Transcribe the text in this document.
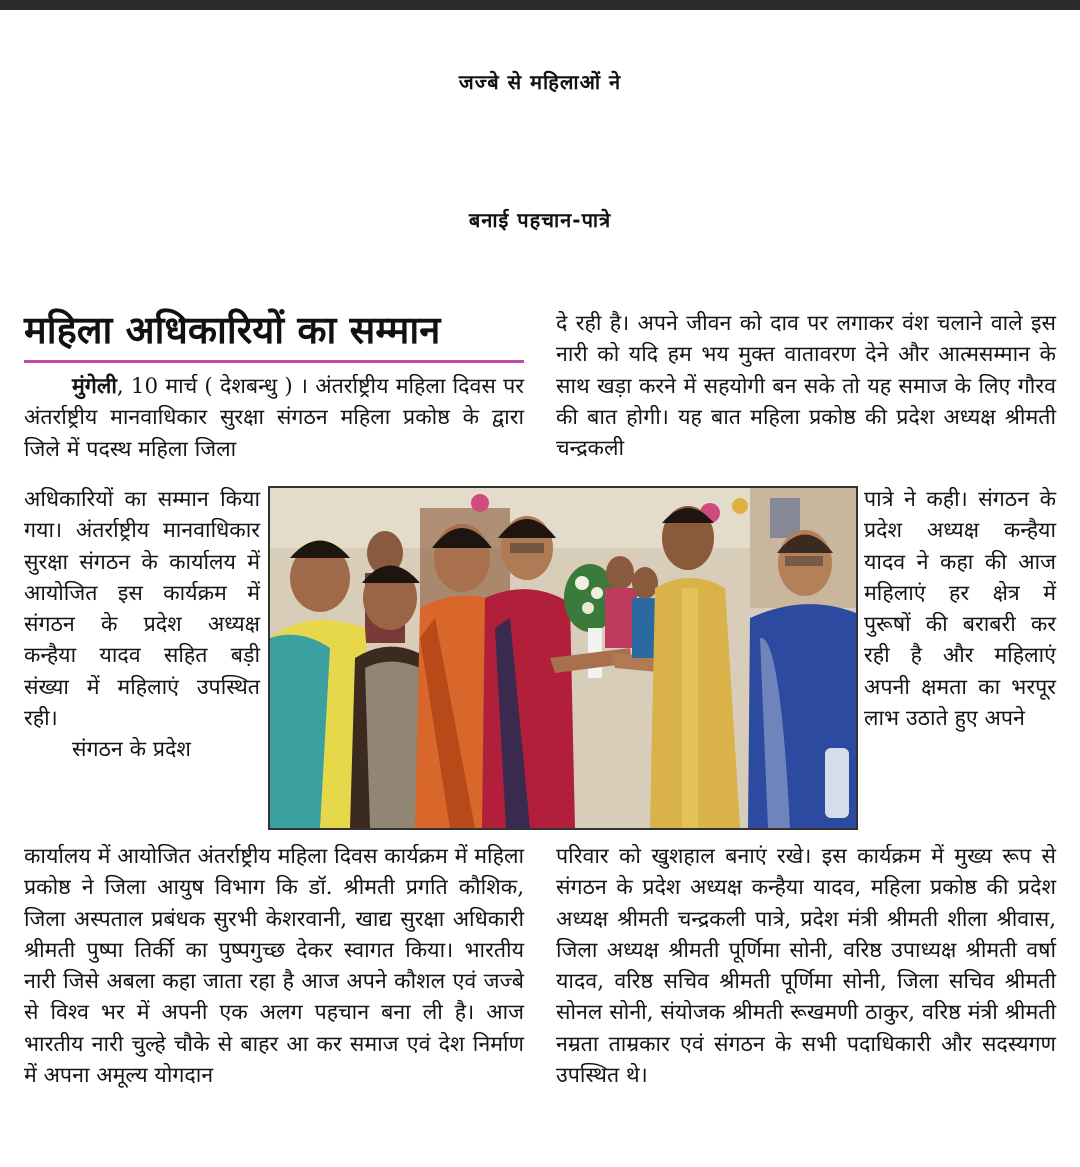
जज्बे से महिलाओं ने
बनाई पहचान-पात्रे
महिला अधिकारियों का सम्मान

मुंगेली, 10 मार्च ( देशबन्धु ) । अंतर्राष्ट्रीय महिला दिवस पर अंतर्राष्ट्रीय मानवाधिकार सुरक्षा संगठन महिला प्रकोष्ठ के द्वारा जिले में पदस्थ महिला जिला

अधिकारियों का सम्मान किया गया। अंतर्राष्ट्रीय मानवाधिकार सुरक्षा संगठन के कार्यालय में आयोजित इस कार्यक्रम में संगठन के प्रदेश अध्यक्ष कन्हैया यादव सहित बड़ी संख्या में महिलाएं उपस्थित रही।

संगठन के प्रदेश

कार्यालय में आयोजित अंतर्राष्ट्रीय महिला दिवस कार्यक्रम में महिला प्रकोष्ठ ने जिला आयुष विभाग कि डॉ. श्रीमती प्रगति कौशिक, जिला अस्पताल प्रबंधक सुरभी केशरवानी, खाद्य सुरक्षा अधिकारी श्रीमती पुष्पा तिर्की का पुष्पगुच्छ देकर स्वागत किया। भारतीय नारी जिसे अबला कहा जाता रहा है आज अपने कौशल एवं जज्बे से विश्व भर में अपनी एक अलग पहचान बना ली है। आज भारतीय नारी चुल्हे चौके से बाहर आ कर समाज एवं देश निर्माण में अपना अमूल्य योगदान

दे रही है। अपने जीवन को दाव पर लगाकर वंश चलाने वाले इस नारी को यदि हम भय मुक्त वातावरण देने और आत्मसम्मान के साथ खड़ा करने में सहयोगी बन सके तो यह समाज के लिए गौरव की बात होगी। यह बात महिला प्रकोष्ठ की प्रदेश अध्यक्ष श्रीमती चन्द्रकली

पात्रे ने कही। संगठन के प्रदेश अध्यक्ष कन्हैया यादव ने कहा की आज महिलाएं हर क्षेत्र में पुरूषों की बराबरी कर रही है और महिलाएं अपनी क्षमता का भरपूर लाभ उठाते हुए अपने

परिवार को खुशहाल बनाएं रखे। इस कार्यक्रम में मुख्य रूप से संगठन के प्रदेश अध्यक्ष कन्हैया यादव, महिला प्रकोष्ठ की प्रदेश अध्यक्ष श्रीमती चन्द्रकली पात्रे, प्रदेश मंत्री श्रीमती शीला श्रीवास, जिला अध्यक्ष श्रीमती पूर्णिमा सोनी, वरिष्ठ उपाध्यक्ष श्रीमती वर्षा यादव, वरिष्ठ सचिव श्रीमती पूर्णिमा सोनी, जिला सचिव श्रीमती सोनल सोनी, संयोजक श्रीमती रूखमणी ठाकुर, वरिष्ठ मंत्री श्रीमती नम्रता ताम्रकार एवं संगठन के सभी पदाधिकारी और सदस्यगण उपस्थित थे।
